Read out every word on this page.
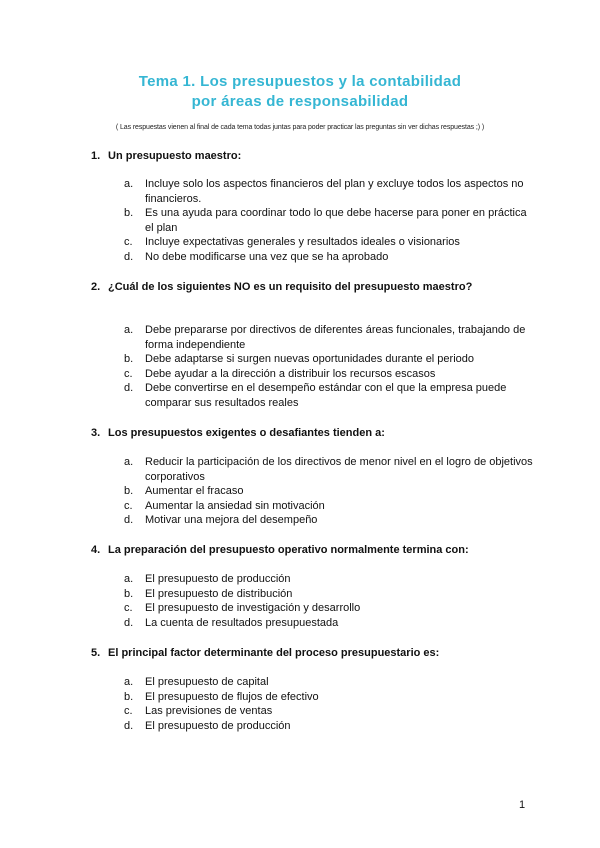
Tema 1. Los presupuestos y la contabilidad
por áreas de responsabilidad
( Las respuestas vienen al final de cada tema todas juntas para poder practicar las preguntas sin ver dichas respuestas ;) )
1. Un presupuesto maestro:
a. Incluye solo los aspectos financieros del plan y excluye todos los aspectos no financieros.
b. Es una ayuda para coordinar todo lo que debe hacerse para poner en práctica el plan
c. Incluye expectativas generales y resultados ideales o visionarios
d. No debe modificarse una vez que se ha aprobado
2. ¿Cuál de los siguientes NO es un requisito del presupuesto maestro?
a. Debe prepararse por directivos de diferentes áreas funcionales, trabajando de forma independiente
b. Debe adaptarse si surgen nuevas oportunidades durante el periodo
c. Debe ayudar a la dirección a distribuir los recursos escasos
d. Debe convertirse en el desempeño estándar con el que la empresa puede comparar sus resultados reales
3. Los presupuestos exigentes o desafiantes tienden a:
a. Reducir la participación de los directivos de menor nivel en el logro de objetivos corporativos
b. Aumentar el fracaso
c. Aumentar la ansiedad sin motivación
d. Motivar una mejora del desempeño
4. La preparación del presupuesto operativo normalmente termina con:
a. El presupuesto de producción
b. El presupuesto de distribución
c. El presupuesto de investigación y desarrollo
d. La cuenta de resultados presupuestada
5. El principal factor determinante del proceso presupuestario es:
a. El presupuesto de capital
b. El presupuesto de flujos de efectivo
c. Las previsiones de ventas
d. El presupuesto de producción
1
